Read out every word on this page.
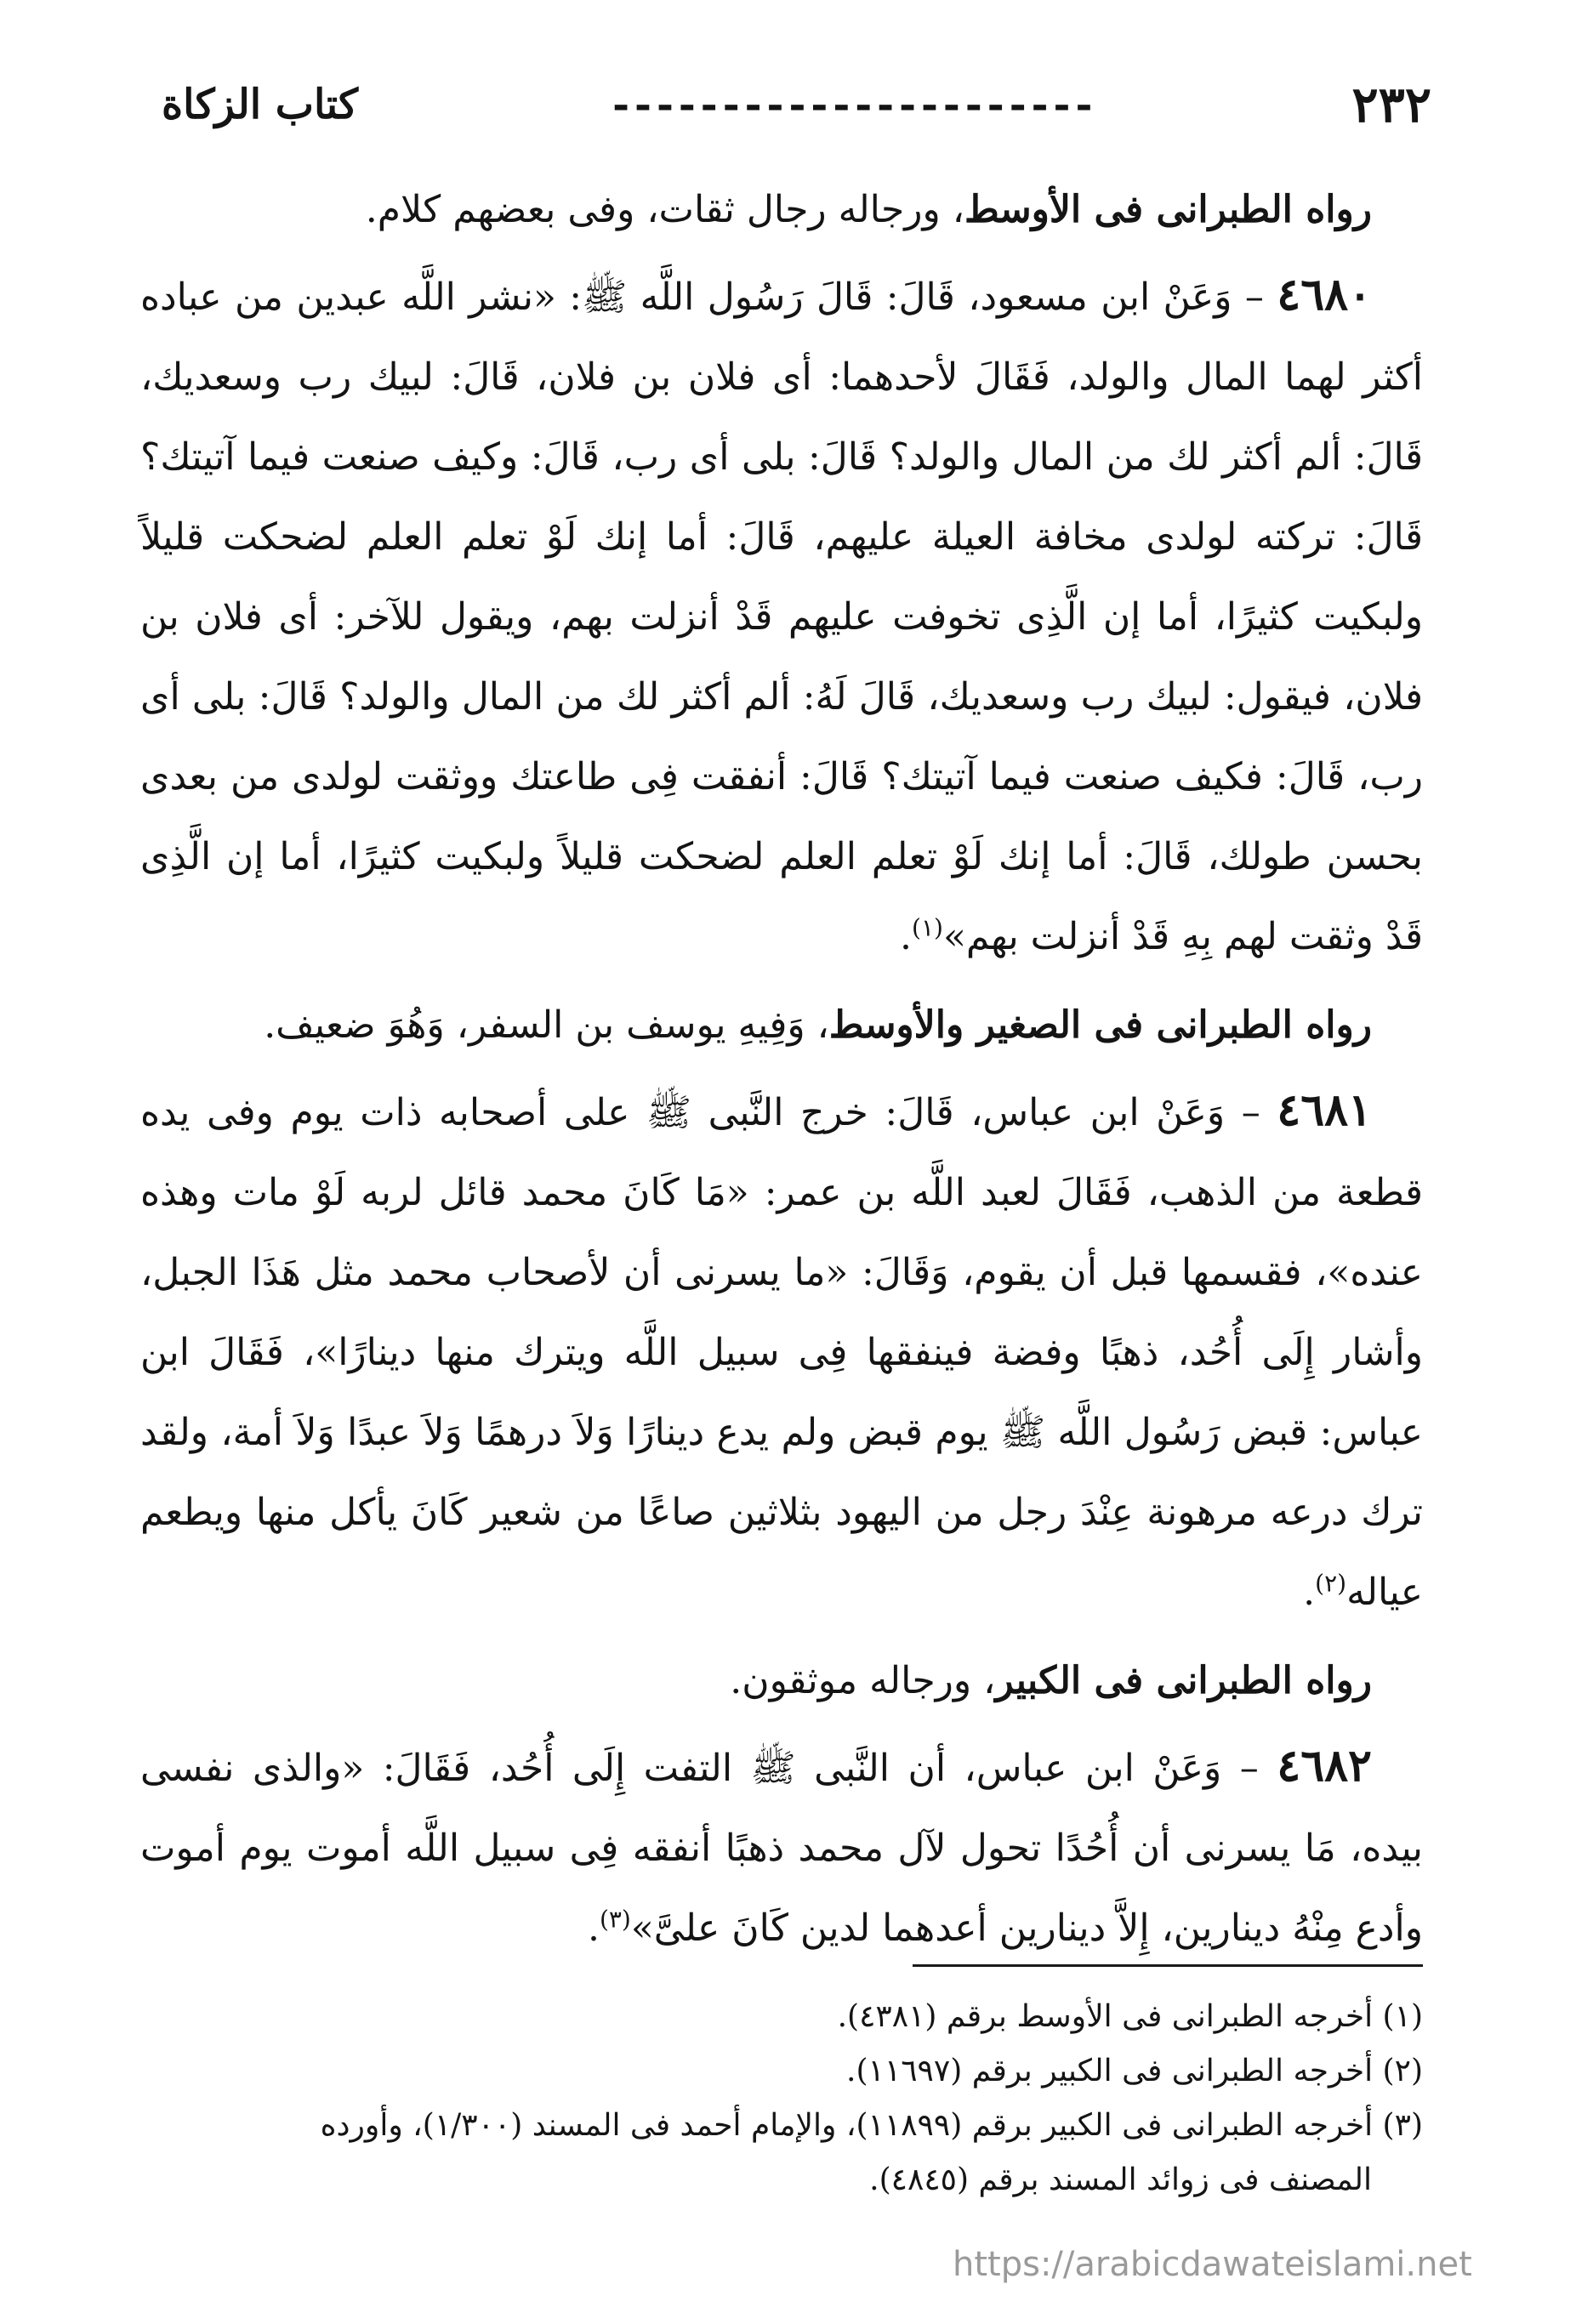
٢٣٢
----------------------
كتاب الزكاة

رواه الطبرانى فى الأوسط، ورجاله رجال ثقات، وفى بعضهم كلام.

٤٦٨٠ – وَعَنْ ابن مسعود، قَالَ: قَالَ رَسُول اللَّه ﷺ: «نشر اللَّه عبدين من عباده أكثر لهما المال والولد، فَقَالَ لأحدهما: أى فلان بن فلان، قَالَ: لبيك رب وسعديك، قَالَ: ألم أكثر لك من المال والولد؟ قَالَ: بلى أى رب، قَالَ: وكيف صنعت فيما آتيتك؟ قَالَ: تركته لولدى مخافة العيلة عليهم، قَالَ: أما إنك لَوْ تعلم العلم لضحكت قليلاً ولبكيت كثيرًا، أما إن الَّذِى تخوفت عليهم قَدْ أنزلت بهم، ويقول للآخر: أى فلان بن فلان، فيقول: لبيك رب وسعديك، قَالَ لَهُ: ألم أكثر لك من المال والولد؟ قَالَ: بلى أى رب، قَالَ: فكيف صنعت فيما آتيتك؟ قَالَ: أنفقت فِى طاعتك ووثقت لولدى من بعدى بحسن طولك، قَالَ: أما إنك لَوْ تعلم العلم لضحكت قليلاً ولبكيت كثيرًا، أما إن الَّذِى قَدْ وثقت لهم بِهِ قَدْ أنزلت بهم»$^{(١)}$.

رواه الطبرانى فى الصغير والأوسط، وَفِيهِ يوسف بن السفر، وَهُوَ ضعيف.

٤٦٨١ – وَعَنْ ابن عباس، قَالَ: خرج النَّبى ﷺ على أصحابه ذات يوم وفى يده قطعة من الذهب، فَقَالَ لعبد اللَّه بن عمر: «مَا كَانَ محمد قائل لربه لَوْ مات وهذه عنده»، فقسمها قبل أن يقوم، وَقَالَ: «ما يسرنى أن لأصحاب محمد مثل هَذَا الجبل، وأشار إِلَى أُحُد، ذهبًا وفضة فينفقها فِى سبيل اللَّه ويترك منها دينارًا»، فَقَالَ ابن عباس: قبض رَسُول اللَّه ﷺ يوم قبض ولم يدع دينارًا وَلاَ درهمًا وَلاَ عبدًا وَلاَ أمة، ولقد ترك درعه مرهونة عِنْدَ رجل من اليهود بثلاثين صاعًا من شعير كَانَ يأكل منها ويطعم عياله$^{(٢)}$.

رواه الطبرانى فى الكبير، ورجاله موثقون.

٤٦٨٢ – وَعَنْ ابن عباس، أن النَّبى ﷺ التفت إِلَى أُحُد، فَقَالَ: «والذى نفسى بيده، مَا يسرنى أن أُحُدًا تحول لآل محمد ذهبًا أنفقه فِى سبيل اللَّه أموت يوم أموت وأدع مِنْهُ دينارين، إِلاَّ دينارين أعدهما لدين كَانَ علىَّ»$^{(٣)}$.

(١) أخرجه الطبرانى فى الأوسط برقم (٤٣٨١).

(٢) أخرجه الطبرانى فى الكبير برقم (١١٦٩٧).

(٣) أخرجه الطبرانى فى الكبير برقم (١١٨٩٩)، والإمام أحمد فى المسند (١/٣٠٠)، وأورده

المصنف فى زوائد المسند برقم (٤٨٤٥).

https://arabicdawateislami.net
